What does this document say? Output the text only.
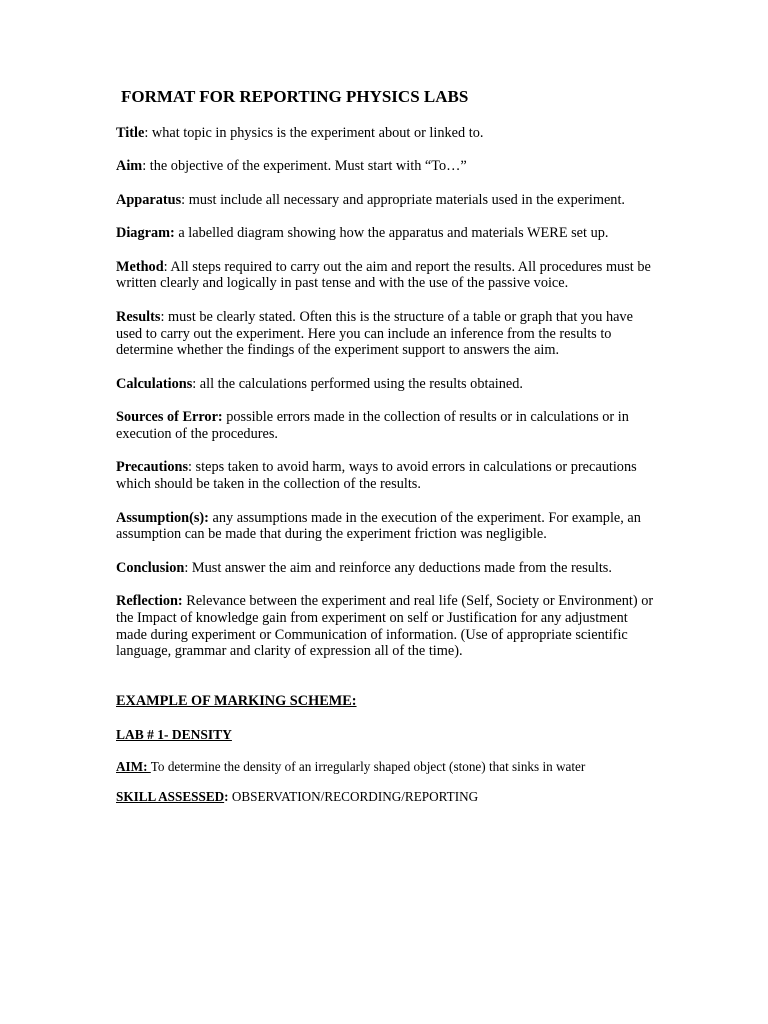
FORMAT FOR REPORTING PHYSICS LABS
Title: what topic in physics is the experiment about or linked to.
Aim: the objective of the experiment. Must start with “To…”
Apparatus: must include all necessary and appropriate materials used in the experiment.
Diagram: a labelled diagram showing how the apparatus and materials WERE set up.
Method: All steps required to carry out the aim and report the results. All procedures must be written clearly and logically in past tense and with the use of the passive voice.
Results: must be clearly stated. Often this is the structure of a table or graph that you have used to carry out the experiment. Here you can include an inference from the results to determine whether the findings of the experiment support to answers the aim.
Calculations: all the calculations performed using the results obtained.
Sources of Error: possible errors made in the collection of results or in calculations or in execution of the procedures.
Precautions: steps taken to avoid harm, ways to avoid errors in calculations or precautions which should be taken in the collection of the results.
Assumption(s): any assumptions made in the execution of the experiment. For example, an assumption can be made that during the experiment friction was negligible.
Conclusion: Must answer the aim and reinforce any deductions made from the results.
Reflection: Relevance between the experiment and real life (Self, Society or Environment) or the Impact of knowledge gain from experiment on self or Justification for any adjustment made during experiment or Communication of information. (Use of appropriate scientific language, grammar and clarity of expression all of the time).
EXAMPLE OF MARKING SCHEME:
LAB # 1- DENSITY
AIM: To determine the density of an irregularly shaped object (stone) that sinks in water
SKILL ASSESSED: OBSERVATION/RECORDING/REPORTING
